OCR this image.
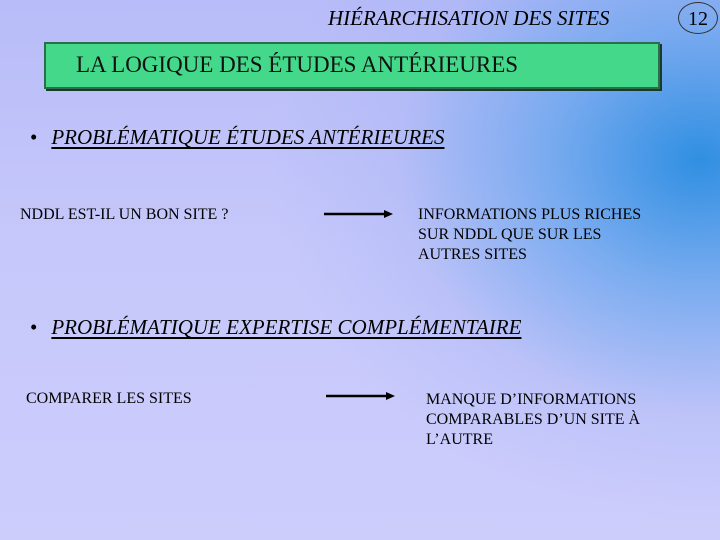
HIÉRARCHISATION DES SITES	12
LA LOGIQUE DES ÉTUDES ANTÉRIEURES
• PROBLÉMATIQUE ÉTUDES ANTÉRIEURES
NDDL EST-IL UN BON SITE ?	INFORMATIONS PLUS RICHES
SUR NDDL QUE SUR LES
AUTRES SITES
• PROBLÉMATIQUE EXPERTISE COMPLÉMENTAIRE
COMPARER LES SITES	MANQUE D’INFORMATIONS
COMPARABLES D’UN SITE À
L’AUTRE
